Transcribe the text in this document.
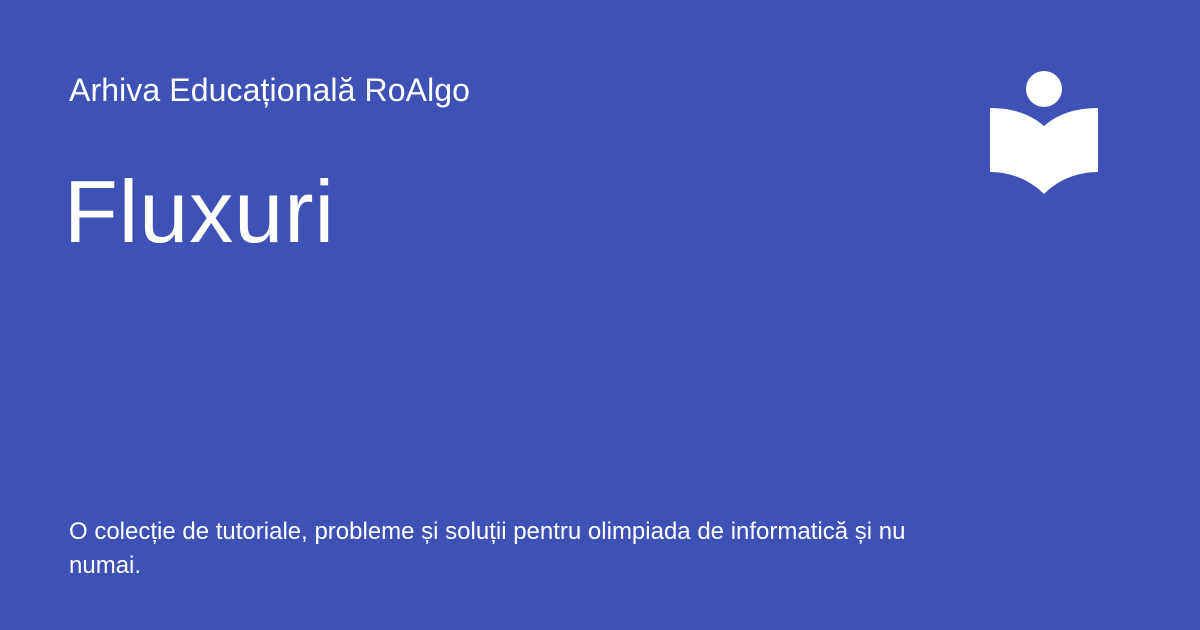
Arhiva Educațională RoAlgo
Fluxuri
O colecție de tutoriale, probleme și soluții pentru olimpiada de informatică și nu numai.
